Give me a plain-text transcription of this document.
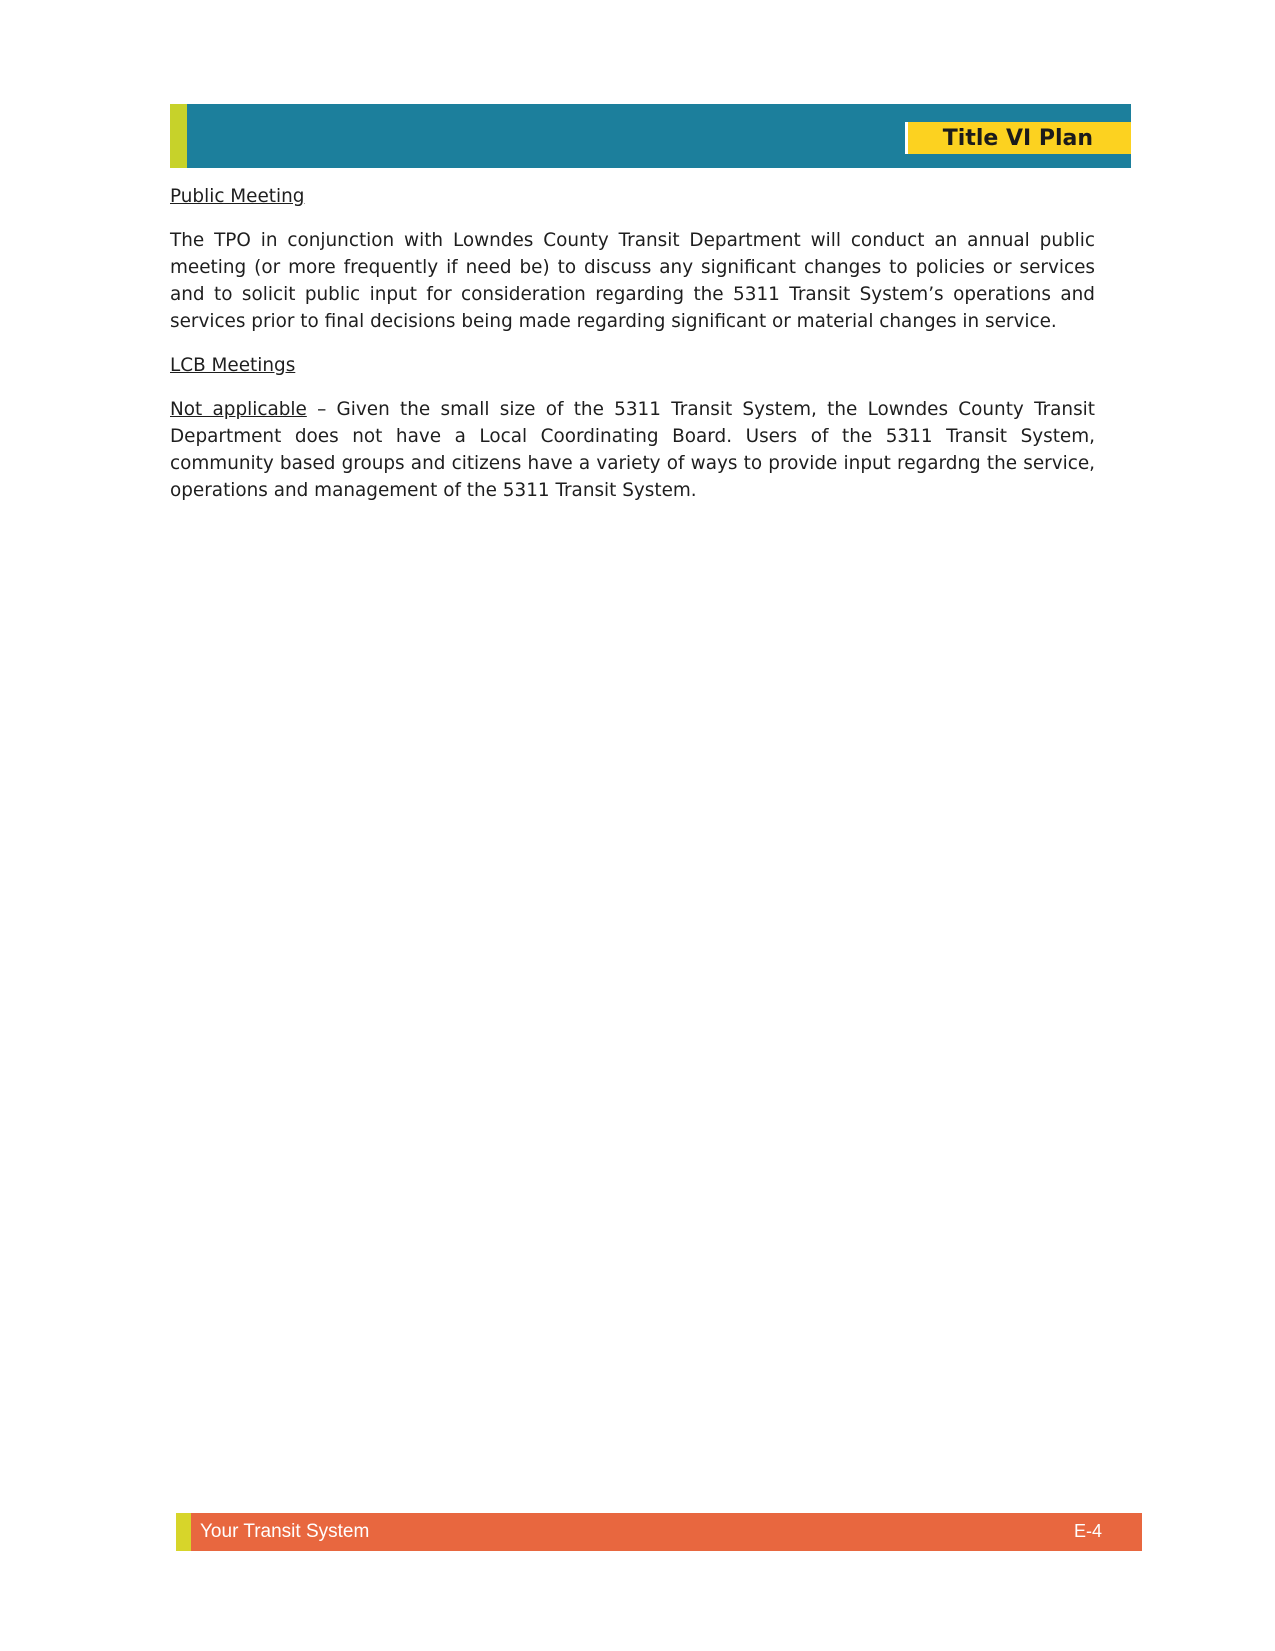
Title VI Plan
Public Meeting

The TPO in conjunction with Lowndes County Transit Department will conduct an annual public meeting (or more frequently if need be) to discuss any significant changes to policies or services and to solicit public input for consideration regarding the 5311 Transit System’s operations and services prior to final decisions being made regarding significant or material changes in service.

LCB Meetings

Not applicable – Given the small size of the 5311 Transit System, the Lowndes County Transit Department does not have a Local Coordinating Board. Users of the 5311 Transit System, community based groups and citizens have a variety of ways to provide input regardng the service, operations and management of the 5311 Transit System.

Your Transit System	E-4
